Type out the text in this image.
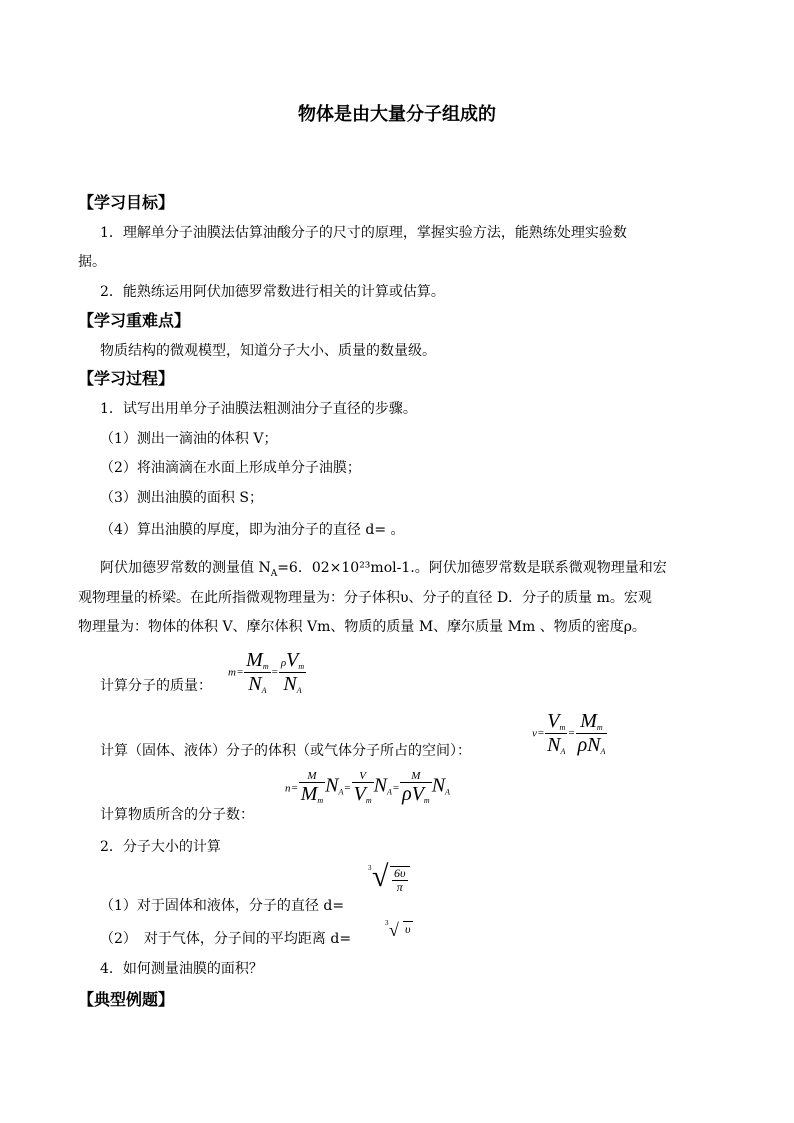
物体是由大量分子组成的
【学习目标】
1．理解单分子油膜法估算油酸分子的尺寸的原理，掌握实验方法，能熟练处理实验数
据。
2．能熟练运用阿伏加德罗常数进行相关的计算或估算。
【学习重难点】
物质结构的微观模型，知道分子大小、质量的数量级。
【学习过程】
1．试写出用单分子油膜法粗测油分子直径的步骤。
（1）测出一滴油的体积 V；
（2）将油滴滴在水面上形成单分子油膜；
（3）测出油膜的面积 S；
（4）算出油膜的厚度，即为油分子的直径 d= 。
阿伏加德罗常数的测量值 $N_A=6$．02×10²³mol-1.。阿伏加德罗常数是联系微观物理量和宏
观物理量的桥梁。在此所指微观物理量为：分子体积υ、分子的直径 D．分子的质量 m。宏观
物理量为：物体的体积 V、摩尔体积 Vm、物质的质量 M、摩尔质量 Mm 、物质的密度ρ。
计算分子的质量：
$m= \frac{M_m}{N_A} = \frac{\rho V_m}{N_A}$
计算（固体、液体）分子的体积（或气体分子所占的空间）：
$v= \frac{V_m}{N_A} = \frac{M_m}{\rho N_A}$
计算物质所含的分子数：
$n= \frac{M}{M_m} N_A= \frac{V}{V_m} N_A= \frac{M}{\rho V_m} N_A$
2．分子大小的计算
（1）对于固体和液体，分子的直径 d=
3 √ $\frac{6\upsilon}{\pi}$
（2）　对于气体，分子间的平均距离 d=
3 √ υ
4．如何测量油膜的面积？
【典型例题】
